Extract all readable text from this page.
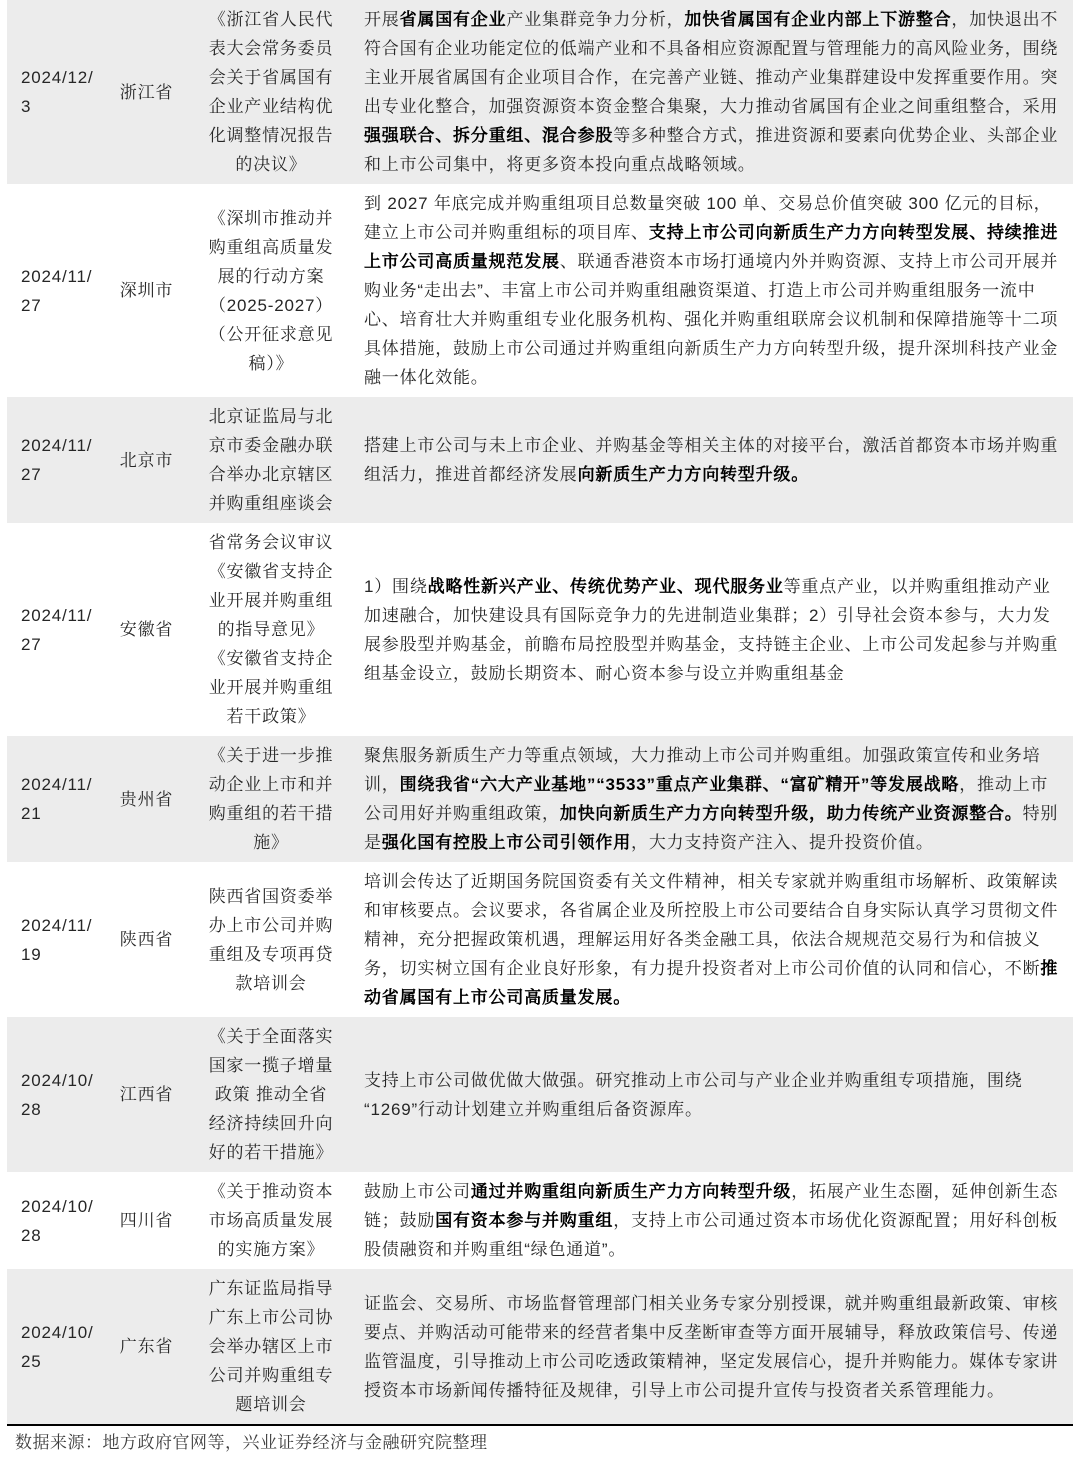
2024/12/3	浙江省	《浙江省人民代表大会常务委员会关于省属国有企业产业结构优化调整情况报告的决议》	开展省属国有企业产业集群竞争力分析，加快省属国有企业内部上下游整合，加快退出不符合国有企业功能定位的低端产业和不具备相应资源配置与管理能力的高风险业务，围绕主业开展省属国有企业项目合作，在完善产业链、推动产业集群建设中发挥重要作用。突出专业化整合，加强资源资本资金整合集聚，大力推动省属国有企业之间重组整合，采用强强联合、拆分重组、混合参股等多种整合方式，推进资源和要素向优势企业、头部企业和上市公司集中，将更多资本投向重点战略领域。
2024/11/27	深圳市	《深圳市推动并购重组高质量发展的行动方案（2025-2027）（公开征求意见稿）》	到 2027 年底完成并购重组项目总数量突破 100 单、交易总价值突破 300 亿元的目标，建立上市公司并购重组标的项目库、支持上市公司向新质生产力方向转型发展、持续推进上市公司高质量规范发展、联通香港资本市场打通境内外并购资源、支持上市公司开展并购业务“走出去”、丰富上市公司并购重组融资渠道、打造上市公司并购重组服务一流中心、培育壮大并购重组专业化服务机构、强化并购重组联席会议机制和保障措施等十二项具体措施，鼓励上市公司通过并购重组向新质生产力方向转型升级，提升深圳科技产业金融一体化效能。
2024/11/27	北京市	北京证监局与北京市委金融办联合举办北京辖区并购重组座谈会	搭建上市公司与未上市企业、并购基金等相关主体的对接平台，激活首都资本市场并购重组活力，推进首都经济发展向新质生产力方向转型升级。
2024/11/27	安徽省	省常务会议审议《安徽省支持企业开展并购重组的指导意见》《安徽省支持企业开展并购重组若干政策》	1）围绕战略性新兴产业、传统优势产业、现代服务业等重点产业，以并购重组推动产业加速融合，加快建设具有国际竞争力的先进制造业集群；2）引导社会资本参与，大力发展参股型并购基金，前瞻布局控股型并购基金，支持链主企业、上市公司发起参与并购重组基金设立，鼓励长期资本、耐心资本参与设立并购重组基金
2024/11/21	贵州省	《关于进一步推动企业上市和并购重组的若干措施》	聚焦服务新质生产力等重点领域，大力推动上市公司并购重组。加强政策宣传和业务培训，围绕我省“六大产业基地”“3533”重点产业集群、“富矿精开”等发展战略，推动上市公司用好并购重组政策，加快向新质生产力方向转型升级，助力传统产业资源整合。特别是强化国有控股上市公司引领作用，大力支持资产注入、提升投资价值。
2024/11/19	陕西省	陕西省国资委举办上市公司并购重组及专项再贷款培训会	培训会传达了近期国务院国资委有关文件精神，相关专家就并购重组市场解析、政策解读和审核要点。会议要求，各省属企业及所控股上市公司要结合自身实际认真学习贯彻文件精神，充分把握政策机遇，理解运用好各类金融工具，依法合规规范交易行为和信披义务，切实树立国有企业良好形象，有力提升投资者对上市公司价值的认同和信心，不断推动省属国有上市公司高质量发展。
2024/10/28	江西省	《关于全面落实国家一揽子增量政策 推动全省经济持续回升向好的若干措施》	支持上市公司做优做大做强。研究推动上市公司与产业企业并购重组专项措施，围绕“1269”行动计划建立并购重组后备资源库。
2024/10/28	四川省	《关于推动资本市场高质量发展的实施方案》	鼓励上市公司通过并购重组向新质生产力方向转型升级，拓展产业生态圈，延伸创新生态链；鼓励国有资本参与并购重组，支持上市公司通过资本市场优化资源配置；用好科创板股债融资和并购重组“绿色通道”。
2024/10/25	广东省	广东证监局指导广东上市公司协会举办辖区上市公司并购重组专题培训会	证监会、交易所、市场监督管理部门相关业务专家分别授课，就并购重组最新政策、审核要点、并购活动可能带来的经营者集中反垄断审查等方面开展辅导，释放政策信号、传递监管温度，引导推动上市公司吃透政策精神，坚定发展信心，提升并购能力。媒体专家讲授资本市场新闻传播特征及规律，引导上市公司提升宣传与投资者关系管理能力。
数据来源：地方政府官网等，兴业证券经济与金融研究院整理
